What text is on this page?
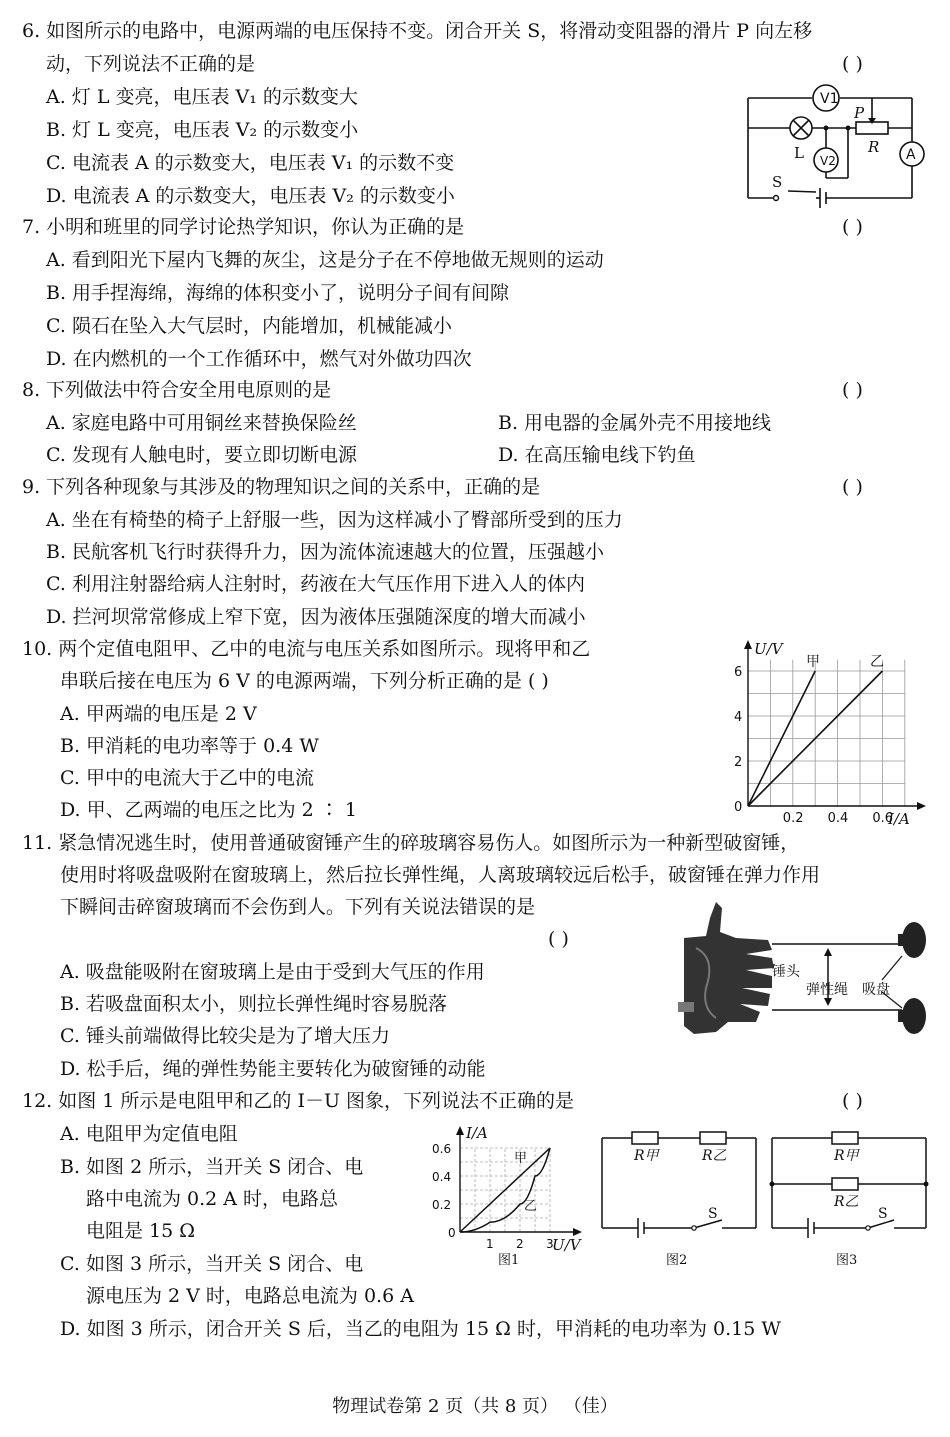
6. 如图所示的电路中，电源两端的电压保持不变。闭合开关 S，将滑动变阻器的滑片 P 向左移
动，下列说法不正确的是	( )
A. 灯 L 变亮，电压表 V₁ 的示数变大
B. 灯 L 变亮，电压表 V₂ 的示数变小
C. 电流表 A 的示数变大，电压表 V₁ 的示数不变
D. 电流表 A 的示数变大，电压表 V₂ 的示数变小
V1
V2	A
P
R
L
S
7. 小明和班里的同学讨论热学知识，你认为正确的是	( )
A. 看到阳光下屋内飞舞的灰尘，这是分子在不停地做无规则的运动
B. 用手捏海绵，海绵的体积变小了，说明分子间有间隙
C. 陨石在坠入大气层时，内能增加，机械能减小
D. 在内燃机的一个工作循环中，燃气对外做功四次
8. 下列做法中符合安全用电原则的是	( )
A. 家庭电路中可用铜丝来替换保险丝	B. 用电器的金属外壳不用接地线
C. 发现有人触电时，要立即切断电源	D. 在高压输电线下钓鱼
9. 下列各种现象与其涉及的物理知识之间的关系中，正确的是	( )
A. 坐在有椅垫的椅子上舒服一些，因为这样减小了臀部所受到的压力
B. 民航客机飞行时获得升力，因为流体流速越大的位置，压强越小
C. 利用注射器给病人注射时，药液在大气压作用下进入人的体内
D. 拦河坝常常修成上窄下宽，因为液体压强随深度的增大而减小
10. 两个定值电阻甲、乙中的电流与电压关系如图所示。现将甲和乙
串联后接在电压为 6 V 的电源两端，下列分析正确的是 ( )
A. 甲两端的电压是 2 V
B. 甲消耗的电功率等于 0.4 W
C. 甲中的电流大于乙中的电流
D. 甲、乙两端的电压之比为 2 ∶ 1	0
2
4
6
0.2 0.4 0.6
U/V
I/A
甲	乙
11. 紧急情况逃生时，使用普通破窗锤产生的碎玻璃容易伤人。如图所示为一种新型破窗锤，
使用时将吸盘吸附在窗玻璃上，然后拉长弹性绳，人离玻璃较远后松手，破窗锤在弹力作用
下瞬间击碎窗玻璃而不会伤到人。下列有关说法错误的是
( )
A. 吸盘能吸附在窗玻璃上是由于受到大气压的作用
B. 若吸盘面积太小，则拉长弹性绳时容易脱落
C. 锤头前端做得比较尖是为了增大压力
D. 松手后，绳的弹性势能主要转化为破窗锤的动能
锤头
弹性绳 吸盘
12. 如图 1 所示是电阻甲和乙的 I－U 图象，下列说法不正确的是	( )
A. 电阻甲为定值电阻
B. 如图 2 所示，当开关 S 闭合、电
路中电流为 0.2 A 时，电路总
电阻是 15 Ω
C. 如图 3 所示，当开关 S 闭合、电
源电压为 2 V 时，电路总电流为 0.6 A
D. 如图 3 所示，闭合开关 S 后，当乙的电阻为 15 Ω 时，甲消耗的电功率为 0.15 W
0
0.2
0.4
0.6
1 2 3
I/A
U/V
甲
乙
图1
R甲	R乙
S
图2
R甲
R乙
S
图3
物理试卷第 2 页（共 8 页） （佳）
